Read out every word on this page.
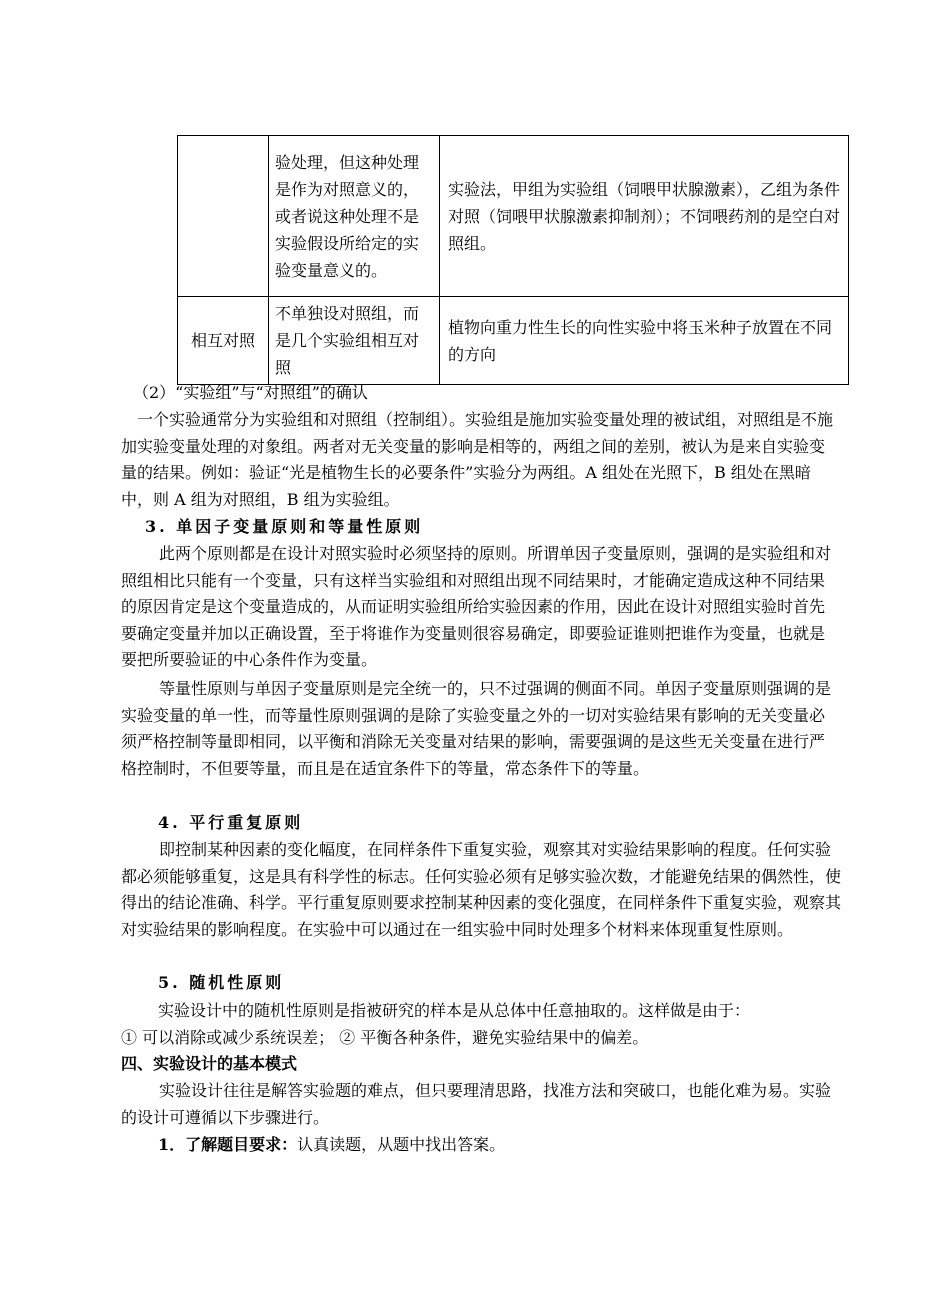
	验处理，但这种处理是作为对照意义的，或者说这种处理不是实验假设所给定的实验变量意义的。	实验法，甲组为实验组（饲喂甲状腺激素），乙组为条件对照（饲喂甲状腺激素抑制剂）；不饲喂药剂的是空白对照组。
相互对照	不单独设对照组，而是几个实验组相互对照	植物向重力性生长的向性实验中将玉米种子放置在不同的方向
（2）“实验组”与“对照组”的确认
一个实验通常分为实验组和对照组（控制组）。实验组是施加实验变量处理的被试组，对照组是不施加实验变量处理的对象组。两者对无关变量的影响是相等的，两组之间的差别，被认为是来自实验变量的结果。例如：验证“光是植物生长的必要条件”实验分为两组。A 组处在光照下，B 组处在黑暗中，则 A 组为对照组，B 组为实验组。
3. 单因子变量原则和等量性原则
此两个原则都是在设计对照实验时必须坚持的原则。所谓单因子变量原则，强调的是实验组和对照组相比只能有一个变量，只有这样当实验组和对照组出现不同结果时，才能确定造成这种不同结果的原因肯定是这个变量造成的，从而证明实验组所给实验因素的作用，因此在设计对照组实验时首先要确定变量并加以正确设置，至于将谁作为变量则很容易确定，即要验证谁则把谁作为变量，也就是要把所要验证的中心条件作为变量。
等量性原则与单因子变量原则是完全统一的，只不过强调的侧面不同。单因子变量原则强调的是实验变量的单一性，而等量性原则强调的是除了实验变量之外的一切对实验结果有影响的无关变量必须严格控制等量即相同，以平衡和消除无关变量对结果的影响，需要强调的是这些无关变量在进行严格控制时，不但要等量，而且是在适宜条件下的等量，常态条件下的等量。
4. 平行重复原则
即控制某种因素的变化幅度，在同样条件下重复实验，观察其对实验结果影响的程度。任何实验都必须能够重复，这是具有科学性的标志。任何实验必须有足够实验次数，才能避免结果的偶然性，使得出的结论准确、科学。平行重复原则要求控制某种因素的变化强度，在同样条件下重复实验，观察其对实验结果的影响程度。在实验中可以通过在一组实验中同时处理多个材料来体现重复性原则。
5. 随机性原则
实验设计中的随机性原则是指被研究的样本是从总体中任意抽取的。这样做是由于：
① 可以消除或减少系统误差； ② 平衡各种条件，避免实验结果中的偏差。
四、实验设计的基本模式
实验设计往往是解答实验题的难点，但只要理清思路，找准方法和突破口，也能化难为易。实验的设计可遵循以下步骤进行。
1．了解题目要求：认真读题，从题中找出答案。
